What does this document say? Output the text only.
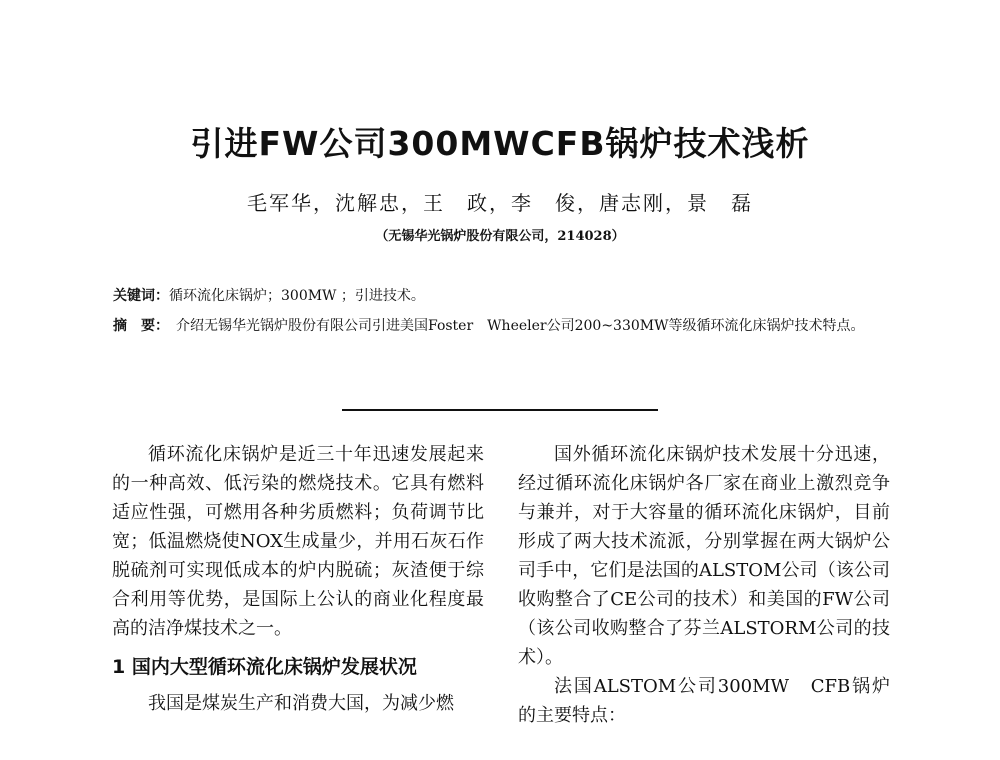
引进FW公司300MWCFB锅炉技术浅析
毛军华，沈解忠，王　政，李　俊，唐志刚，景　磊
（无锡华光锅炉股份有限公司，214028）
关键词：循环流化床锅炉；300MW ；引进技术。
摘　要：　 介绍无锡华光锅炉股份有限公司引进美国Foster　Wheeler公司200~330MW等级循环流化床锅炉技术特点。

循环流化床锅炉是近三十年迅速发展起来的一种高效、低污染的燃烧技术。它具有燃料适应性强，可燃用各种劣质燃料；负荷调节比宽；低温燃烧使NOX生成量少，并用石灰石作脱硫剂可实现低成本的炉内脱硫；灰渣便于综合利用等优势，是国际上公认的商业化程度最高的洁净煤技术之一。

1 国内大型循环流化床锅炉发展状况

我国是煤炭生产和消费大国，为减少燃

国外循环流化床锅炉技术发展十分迅速，经过循环流化床锅炉各厂家在商业上激烈竞争与兼并，对于大容量的循环流化床锅炉，目前形成了两大技术流派，分别掌握在两大锅炉公司手中，它们是法国的ALSTOM公司（该公司收购整合了CE公司的技术）和美国的FW公司（该公司收购整合了芬兰ALSTORM公司的技术）。

法国ALSTOM公司300MW　CFB锅炉的主要特点：
